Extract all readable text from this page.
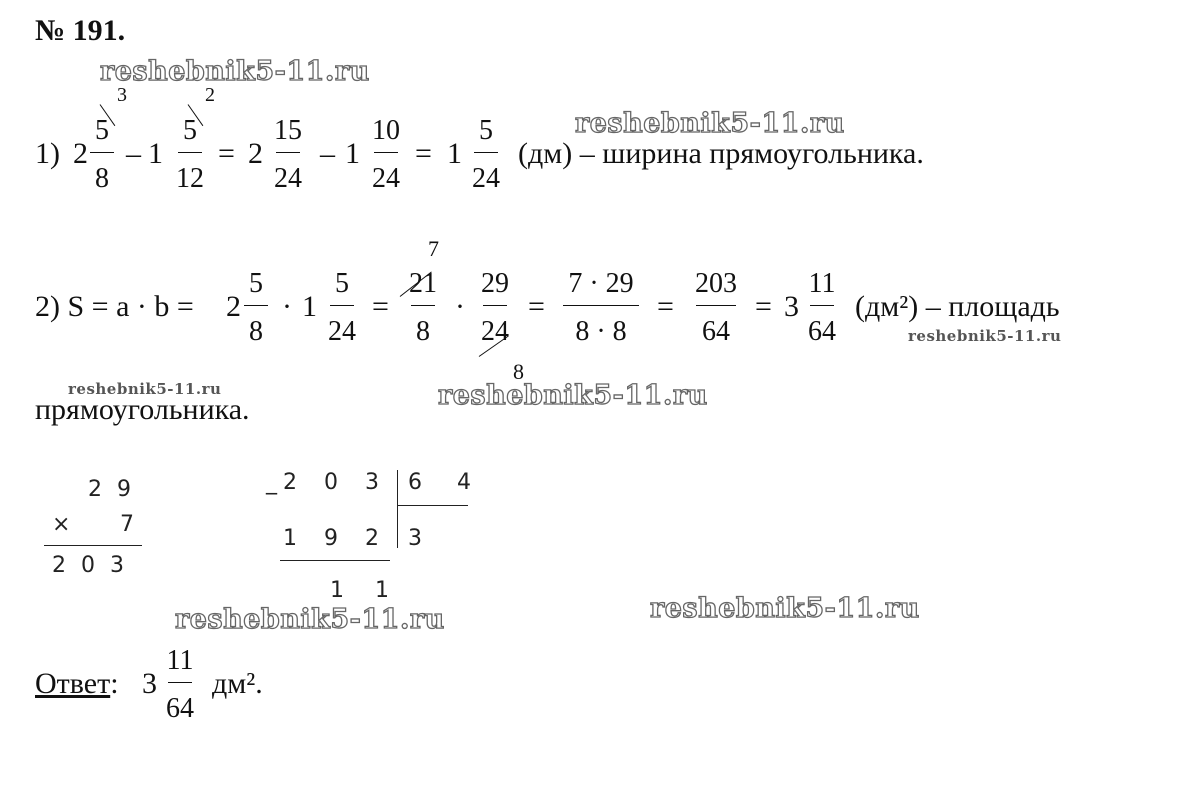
№ 191.
reshebnik5-11.ru
reshebnik5-11.ru
reshebnik5-11.ru
reshebnik5-11.ru	reshebnik5-11.ru
reshebnik5-11.ru	reshebnik5-11.ru
1) 2
5
8
3
– 1
5
12
2
= 2
15
24
– 1
10
24
= 1
5
24
(дм) – ширина прямоугольника.
2) S = a · b = 2
5
8
· 1
5
24
=
7
21
8
·
29
24
8
=
7 · 29
8 · 8
=
203
64
= 3
11
64
(дм²) – площадь
прямоугольника.
2 9
× 7
2 0 3
_ 2 0 3 6 4
1 9 2 3
1 1
Ответ: 3
11
64
дм².
